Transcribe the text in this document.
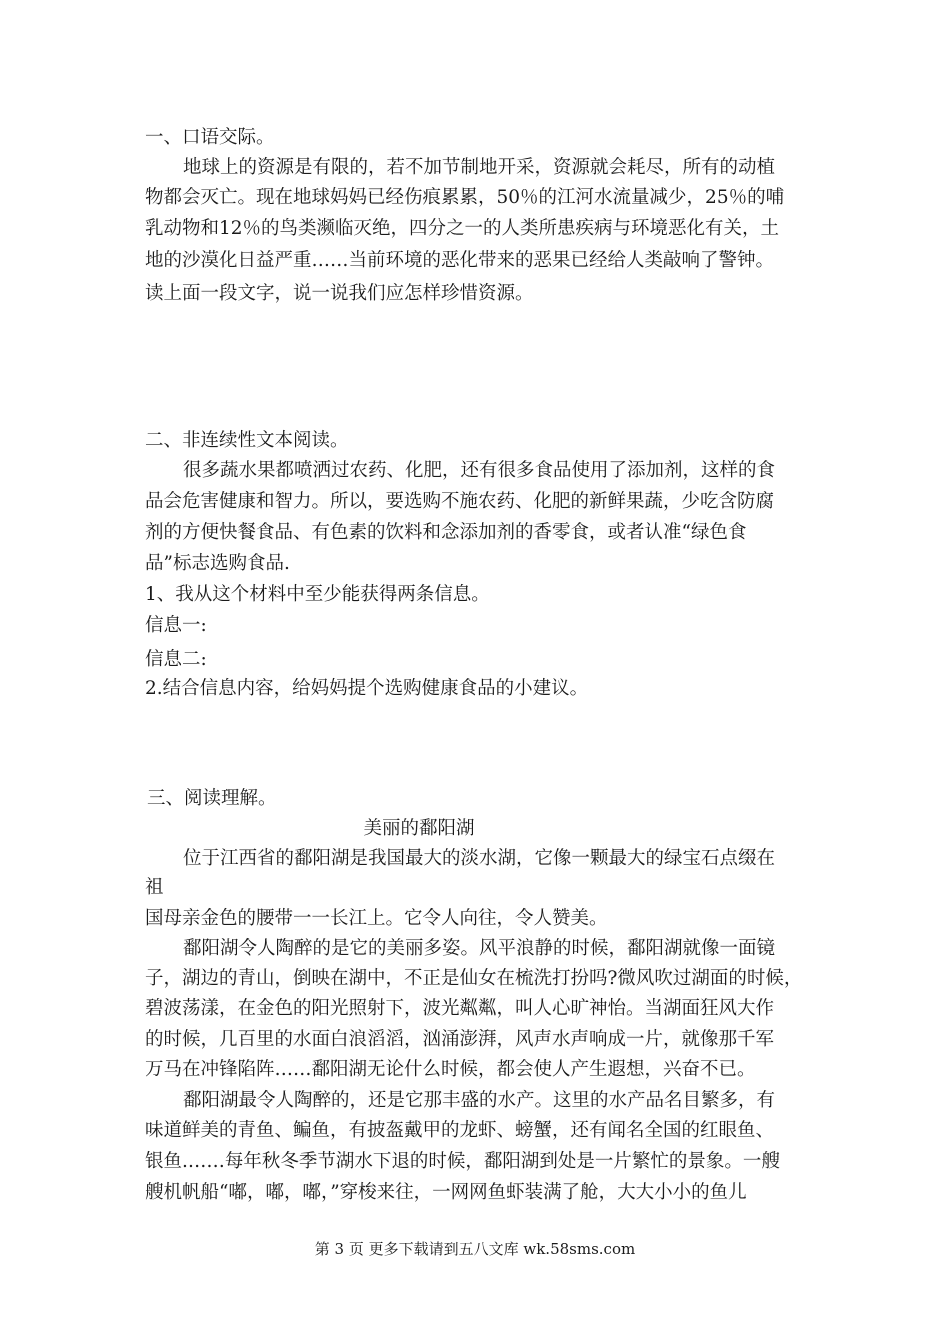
一、口语交际。
地球上的资源是有限的，若不加节制地开采，资源就会耗尽，所有的动植
物都会灭亡。现在地球妈妈已经伤痕累累，50％的江河水流量减少，25％的哺
乳动物和12％的鸟类濒临灭绝，四分之一的人类所患疾病与环境恶化有关，土
地的沙漠化日益严重……当前环境的恶化带来的恶果已经给人类敲响了警钟。
读上面一段文字，说一说我们应怎样珍惜资源。
二、非连续性文本阅读。
很多蔬水果都喷洒过农药、化肥，还有很多食品使用了添加剂，这样的食
品会危害健康和智力。所以，要选购不施农药、化肥的新鲜果蔬，少吃含防腐
剂的方便快餐食品、有色素的饮料和念添加剂的香零食，或者认准“绿色食
品”标志选购食品.
1、我从这个材料中至少能获得两条信息。
信息一:
信息二:
2.结合信息内容，给妈妈提个选购健康食品的小建议。
三、阅读理解。
美丽的鄱阳湖
位于江西省的鄱阳湖是我国最大的淡水湖，它像一颗最大的绿宝石点缀在
祖
国母亲金色的腰带一一长江上。它令人向往，令人赞美。
鄱阳湖令人陶醉的是它的美丽多姿。风平浪静的时候，鄱阳湖就像一面镜
子，湖边的青山，倒映在湖中，不正是仙女在梳洗打扮吗?微风吹过湖面的时候，
碧波荡漾，在金色的阳光照射下，波光粼粼，叫人心旷神怡。当湖面狂风大作
的时候，几百里的水面白浪滔滔，汹涌澎湃，风声水声响成一片，就像那千军
万马在冲锋陷阵……鄱阳湖无论什么时候，都会使人产生遐想，兴奋不已。
鄱阳湖最令人陶醉的，还是它那丰盛的水产。这里的水产品名目繁多，有
味道鲜美的青鱼、鳊鱼，有披盔戴甲的龙虾、螃蟹，还有闻名全国的红眼鱼、
银鱼.……每年秋冬季节湖水下退的时候，鄱阳湖到处是一片繁忙的景象。一艘
艘机帆船“嘟，嘟，嘟，”穿梭来往，一网网鱼虾装满了舱，大大小小的鱼儿
第 3 页 更多下载请到五八文库 wk.58sms.com
